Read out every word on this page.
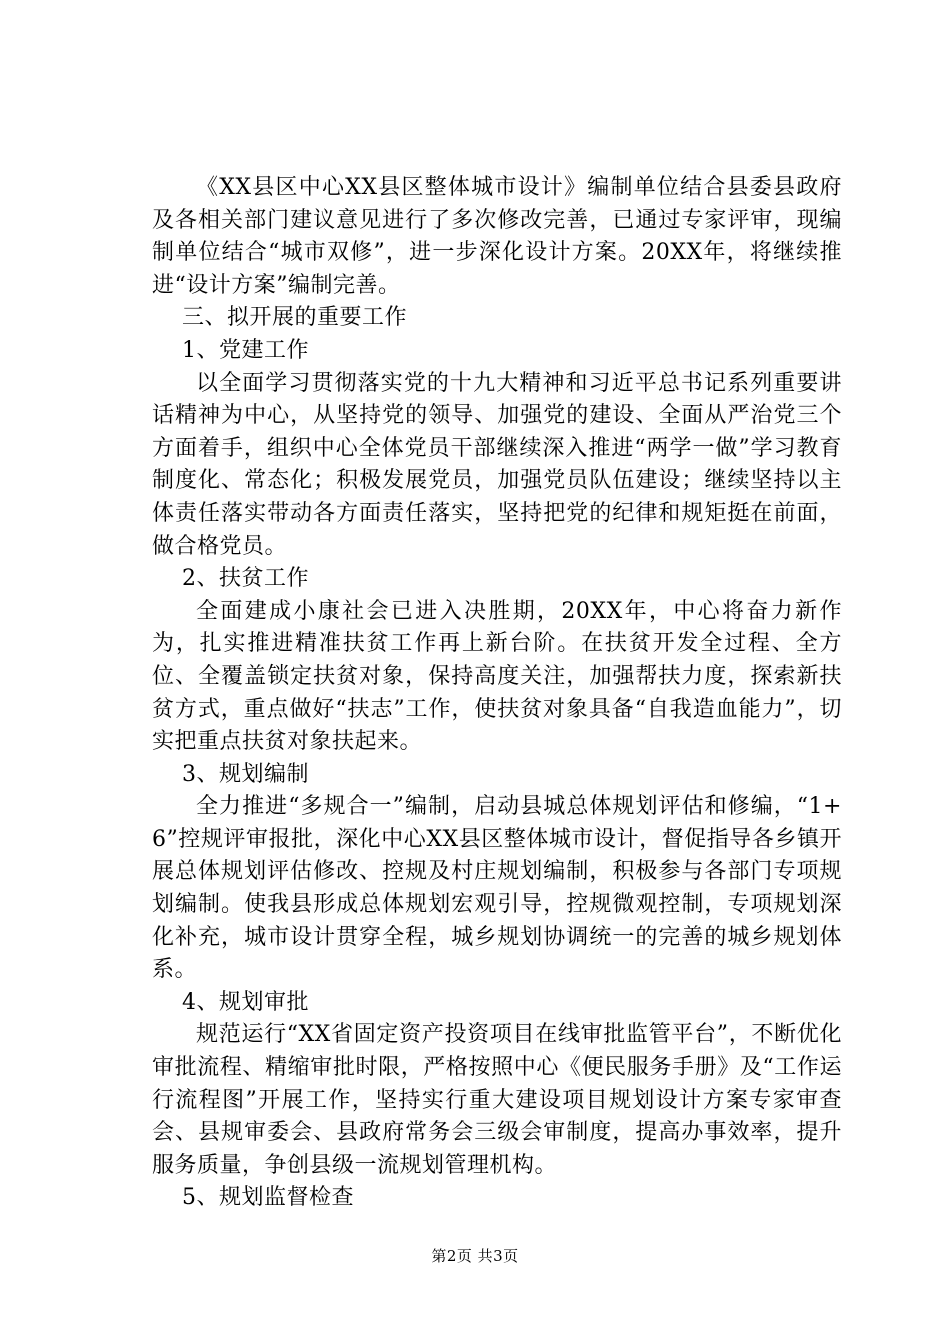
《XX县区中心XX县区整体城市设计》编制单位结合县委县政府及各相关部门建议意见进行了多次修改完善，已通过专家评审，现编制单位结合“城市双修”，进一步深化设计方案。20XX年，将继续推进“设计方案”编制完善。

三、拟开展的重要工作

1、党建工作

以全面学习贯彻落实党的十九大精神和习近平总书记系列重要讲话精神为中心，从坚持党的领导、加强党的建设、全面从严治党三个方面着手，组织中心全体党员干部继续深入推进“两学一做”学习教育制度化、常态化；积极发展党员，加强党员队伍建设；继续坚持以主体责任落实带动各方面责任落实，坚持把党的纪律和规矩挺在前面，做合格党员。

2、扶贫工作

全面建成小康社会已进入决胜期，20XX年，中心将奋力新作为，扎实推进精准扶贫工作再上新台阶。在扶贫开发全过程、全方位、全覆盖锁定扶贫对象，保持高度关注，加强帮扶力度，探索新扶贫方式，重点做好“扶志”工作，使扶贫对象具备“自我造血能力”，切实把重点扶贫对象扶起来。

3、规划编制

全力推进“多规合一”编制，启动县城总体规划评估和修编，“1+6”控规评审报批，深化中心XX县区整体城市设计，督促指导各乡镇开展总体规划评估修改、控规及村庄规划编制，积极参与各部门专项规划编制。使我县形成总体规划宏观引导，控规微观控制，专项规划深化补充，城市设计贯穿全程，城乡规划协调统一的完善的城乡规划体系。

4、规划审批

规范运行“XX省固定资产投资项目在线审批监管平台”，不断优化审批流程、精缩审批时限，严格按照中心《便民服务手册》及“工作运行流程图”开展工作，坚持实行重大建设项目规划设计方案专家审查会、县规审委会、县政府常务会三级会审制度，提高办事效率，提升服务质量，争创县级一流规划管理机构。

5、规划监督检查

第2页 共3页
